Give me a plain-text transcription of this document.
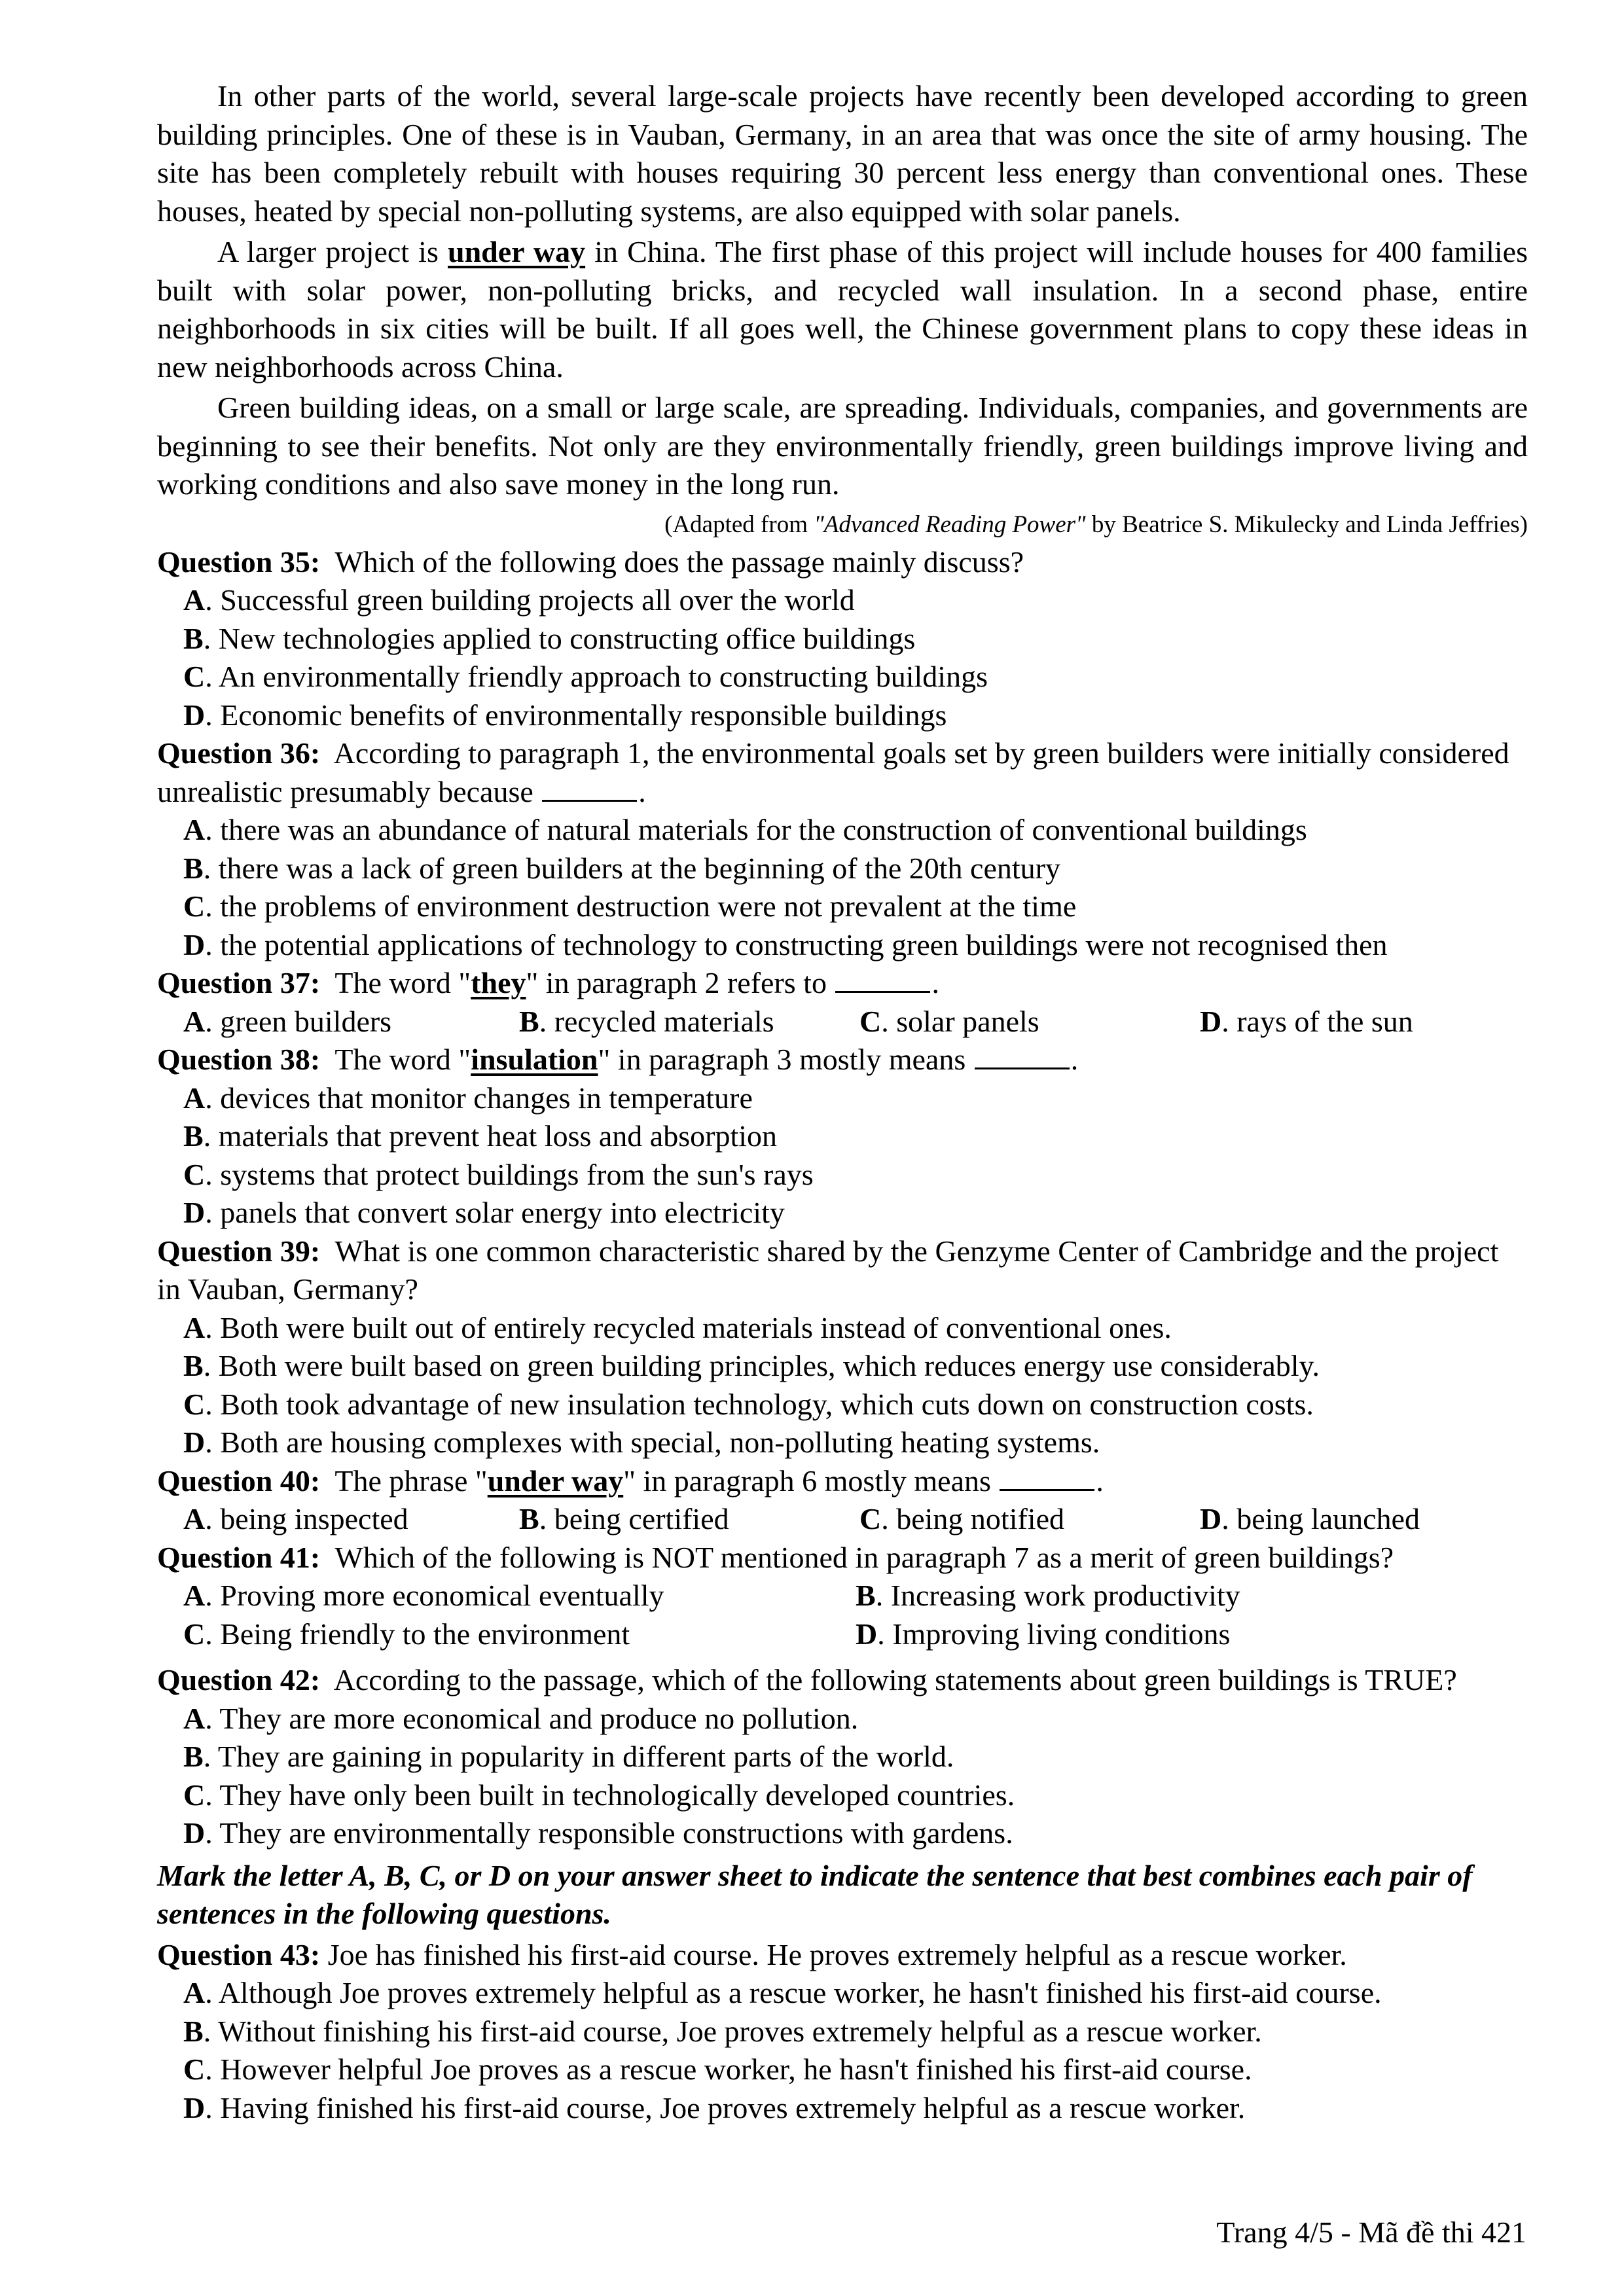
In other parts of the world, several large-scale projects have recently been developed according to green building principles. One of these is in Vauban, Germany, in an area that was once the site of army housing. The site has been completely rebuilt with houses requiring 30 percent less energy than conventional ones. These houses, heated by special non-polluting systems, are also equipped with solar panels.

A larger project is under way in China. The first phase of this project will include houses for 400 families built with solar power, non-polluting bricks, and recycled wall insulation. In a second phase, entire neighborhoods in six cities will be built. If all goes well, the Chinese government plans to copy these ideas in new neighborhoods across China.

Green building ideas, on a small or large scale, are spreading. Individuals, companies, and governments are beginning to see their benefits. Not only are they environmentally friendly, green buildings improve living and working conditions and also save money in the long run.

(Adapted from "Advanced Reading Power" by Beatrice S. Mikulecky and Linda Jeffries)

Question 35: Which of the following does the passage mainly discuss?
A. Successful green building projects all over the world
B. New technologies applied to constructing office buildings
C. An environmentally friendly approach to constructing buildings
D. Economic benefits of environmentally responsible buildings
Question 36: According to paragraph 1, the environmental goals set by green builders were initially considered unrealistic presumably because	.
A. there was an abundance of natural materials for the construction of conventional buildings
B. there was a lack of green builders at the beginning of the 20th century
C. the problems of environment destruction were not prevalent at the time
D. the potential applications of technology to constructing green buildings were not recognised then
Question 37: The word "they" in paragraph 2 refers to	.
A. green builders	B. recycled materials	C. solar panels	D. rays of the sun
Question 38: The word "insulation" in paragraph 3 mostly means	.
A. devices that monitor changes in temperature
B. materials that prevent heat loss and absorption
C. systems that protect buildings from the sun's rays
D. panels that convert solar energy into electricity
Question 39: What is one common characteristic shared by the Genzyme Center of Cambridge and the project in Vauban, Germany?
A. Both were built out of entirely recycled materials instead of conventional ones.
B. Both were built based on green building principles, which reduces energy use considerably.
C. Both took advantage of new insulation technology, which cuts down on construction costs.
D. Both are housing complexes with special, non-polluting heating systems.
Question 40: The phrase "under way" in paragraph 6 mostly means	.
A. being inspected	B. being certified	C. being notified	D. being launched
Question 41: Which of the following is NOT mentioned in paragraph 7 as a merit of green buildings?
A. Proving more economical eventually	B. Increasing work productivity
C. Being friendly to the environment	D. Improving living conditions
Question 42: According to the passage, which of the following statements about green buildings is TRUE?
A. They are more economical and produce no pollution.
B. They are gaining in popularity in different parts of the world.
C. They have only been built in technologically developed countries.
D. They are environmentally responsible constructions with gardens.
Mark the letter A, B, C, or D on your answer sheet to indicate the sentence that best combines each pair of sentences in the following questions.
Question 43: Joe has finished his first-aid course. He proves extremely helpful as a rescue worker.
A. Although Joe proves extremely helpful as a rescue worker, he hasn't finished his first-aid course.
B. Without finishing his first-aid course, Joe proves extremely helpful as a rescue worker.
C. However helpful Joe proves as a rescue worker, he hasn't finished his first-aid course.
D. Having finished his first-aid course, Joe proves extremely helpful as a rescue worker.
Trang 4/5 - Mã đề thi 421
